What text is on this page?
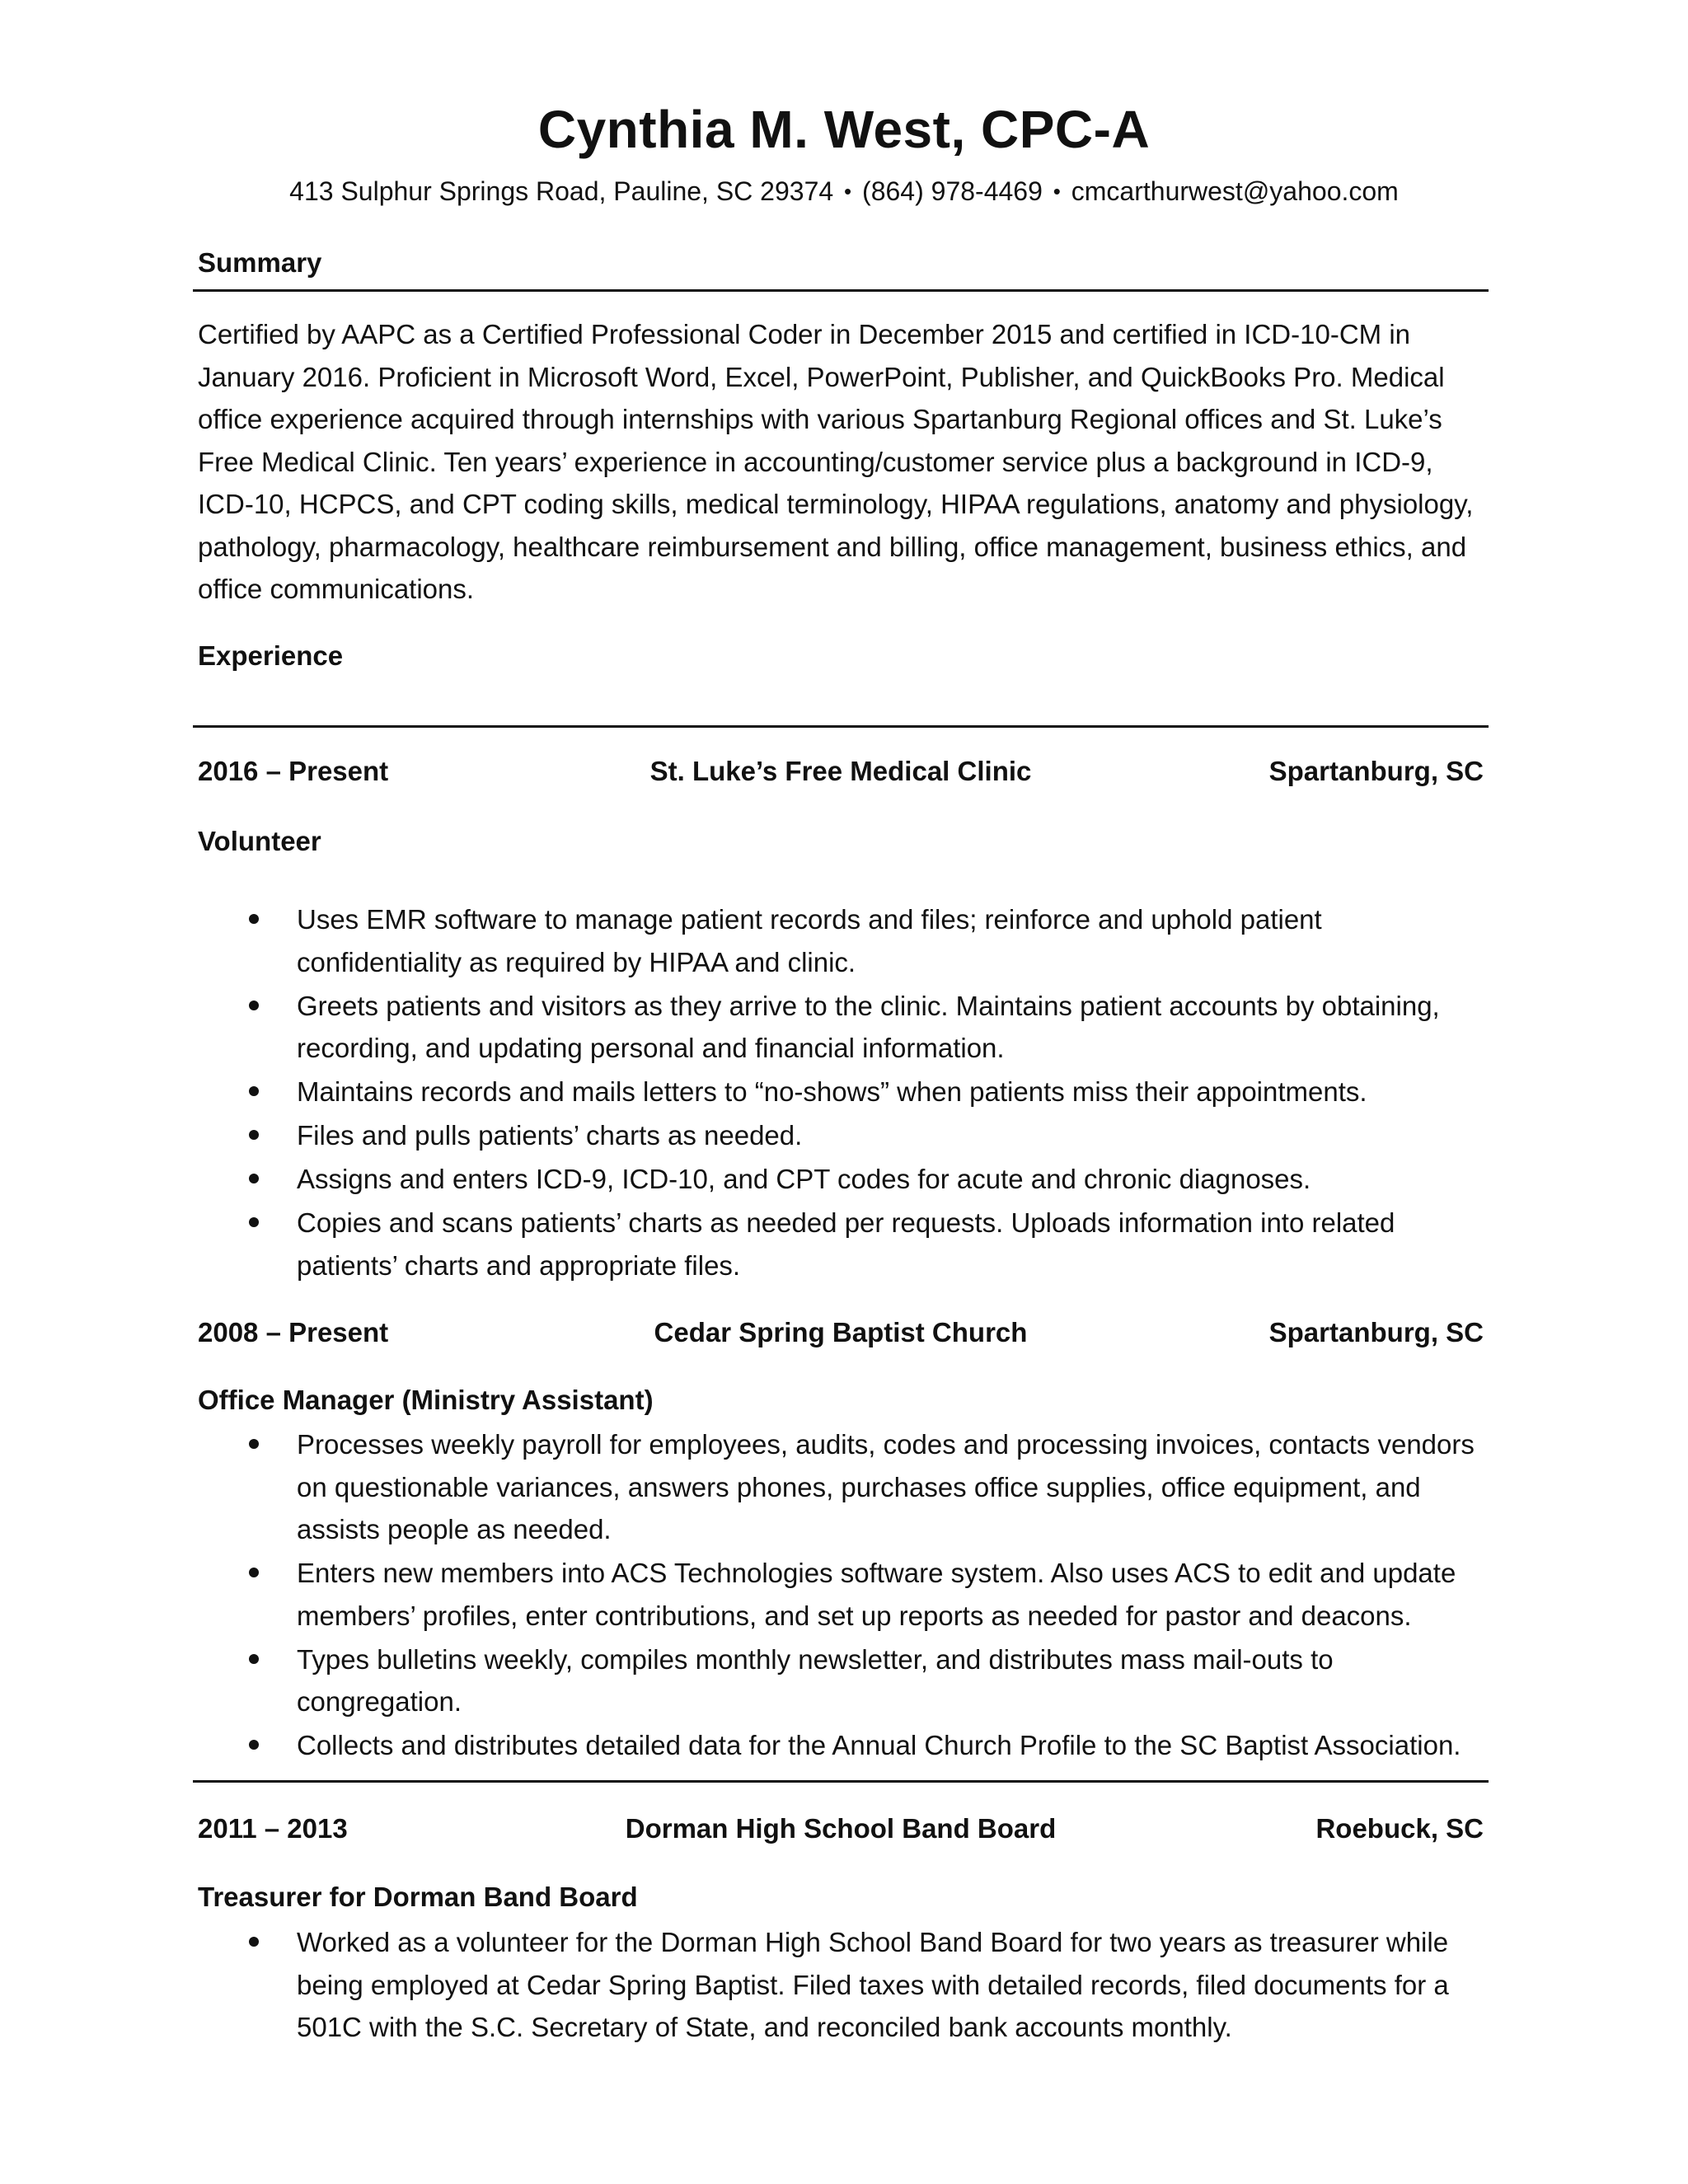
Cynthia M. West, CPC-A
413 Sulphur Springs Road, Pauline, SC 29374 • (864) 978-4469 • cmcarthurwest@yahoo.com
Summary
Certified by AAPC as a Certified Professional Coder in December 2015 and certified in ICD-10-CM in January 2016. Proficient in Microsoft Word, Excel, PowerPoint, Publisher, and QuickBooks Pro. Medical office experience acquired through internships with various Spartanburg Regional offices and St. Luke’s Free Medical Clinic. Ten years’ experience in accounting/customer service plus a background in ICD-9, ICD-10, HCPCS, and CPT coding skills, medical terminology, HIPAA regulations, anatomy and physiology, pathology, pharmacology, healthcare reimbursement and billing, office management, business ethics, and office communications.
Experience
2016 – Present	St. Luke’s Free Medical Clinic	Spartanburg, SC
Volunteer
Uses EMR software to manage patient records and files; reinforce and uphold patient confidentiality as required by HIPAA and clinic.
Greets patients and visitors as they arrive to the clinic. Maintains patient accounts by obtaining, recording, and updating personal and financial information.
Maintains records and mails letters to “no-shows” when patients miss their appointments.
Files and pulls patients’ charts as needed.
Assigns and enters ICD-9, ICD-10, and CPT codes for acute and chronic diagnoses.
Copies and scans patients’ charts as needed per requests. Uploads information into related patients’ charts and appropriate files.
2008 – Present	Cedar Spring Baptist Church	Spartanburg, SC
Office Manager (Ministry Assistant)
Processes weekly payroll for employees, audits, codes and processing invoices, contacts vendors on questionable variances, answers phones, purchases office supplies, office equipment, and assists people as needed.
Enters new members into ACS Technologies software system. Also uses ACS to edit and update members’ profiles, enter contributions, and set up reports as needed for pastor and deacons.
Types bulletins weekly, compiles monthly newsletter, and distributes mass mail-outs to congregation.
Collects and distributes detailed data for the Annual Church Profile to the SC Baptist Association.
2011 – 2013	Dorman High School Band Board	Roebuck, SC
Treasurer for Dorman Band Board
Worked as a volunteer for the Dorman High School Band Board for two years as treasurer while being employed at Cedar Spring Baptist. Filed taxes with detailed records, filed documents for a 501C with the S.C. Secretary of State, and reconciled bank accounts monthly.
